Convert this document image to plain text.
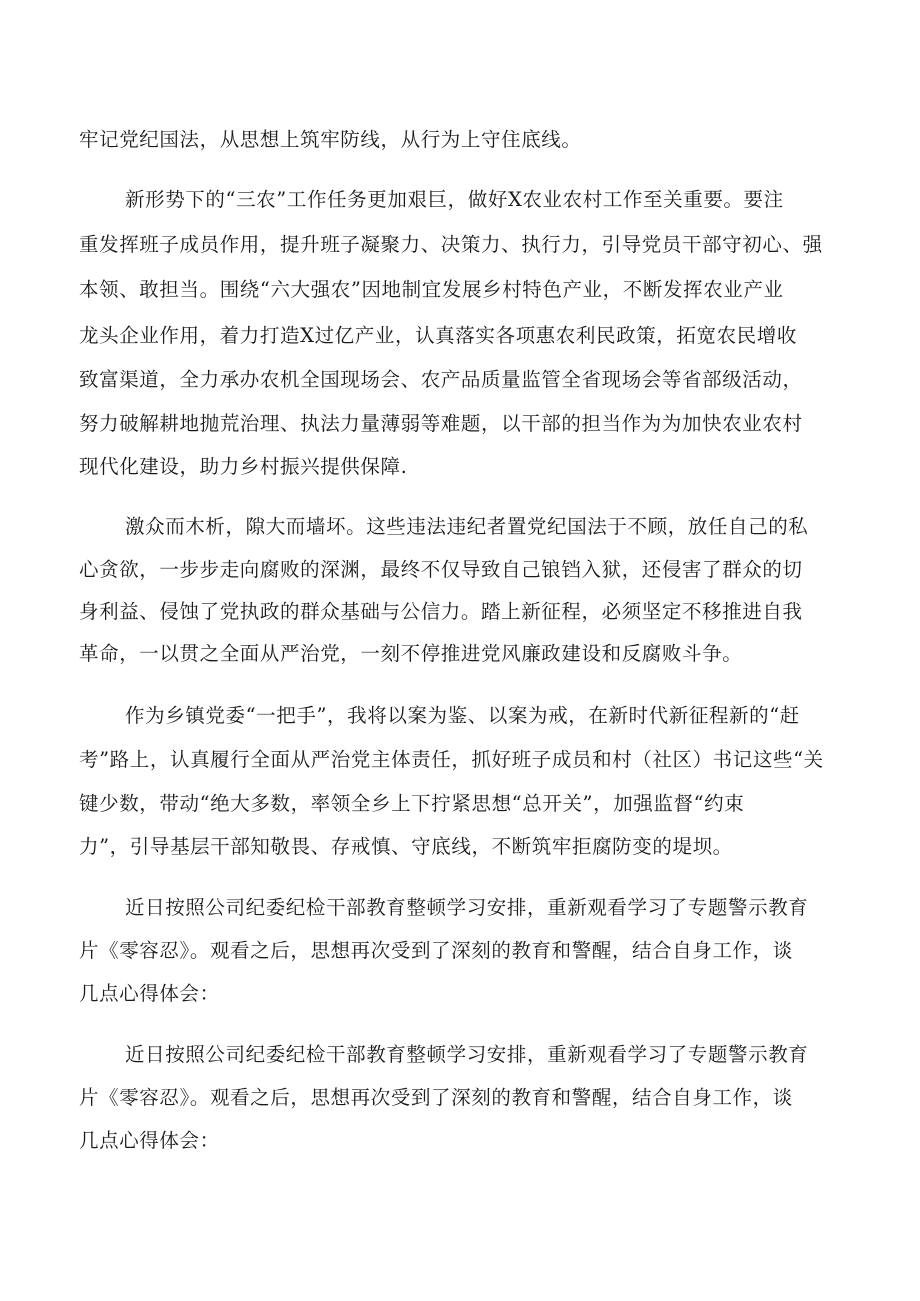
牢记党纪国法，从思想上筑牢防线，从行为上守住底线。
新形势下的“三农”工作任务更加艰巨，做好X农业农村工作至关重要。要注
重发挥班子成员作用，提升班子凝聚力、决策力、执行力，引导党员干部守初心、强
本领、敢担当。围绕“六大强农”因地制宜发展乡村特色产业，不断发挥农业产业
龙头企业作用，着力打造X过亿产业，认真落实各项惠农利民政策，拓宽农民增收
致富渠道，全力承办农机全国现场会、农产品质量监管全省现场会等省部级活动，
努力破解耕地抛荒治理、执法力量薄弱等难题，以干部的担当作为为加快农业农村
现代化建设，助力乡村振兴提供保障.
激众而木析，隙大而墙坏。这些违法违纪者置党纪国法于不顾，放任自己的私
心贪欲，一步步走向腐败的深渊，最终不仅导致自己锒铛入狱，还侵害了群众的切
身利益、侵蚀了党执政的群众基础与公信力。踏上新征程，必须坚定不移推进自我
革命，一以贯之全面从严治党，一刻不停推进党风廉政建设和反腐败斗争。
作为乡镇党委“一把手”，我将以案为鉴、以案为戒，在新时代新征程新的“赶
考”路上，认真履行全面从严治党主体责任，抓好班子成员和村（社区）书记这些“关
键少数，带动“绝大多数，率领全乡上下拧紧思想“总开关”，加强监督“约束
力”，引导基层干部知敬畏、存戒慎、守底线，不断筑牢拒腐防变的堤坝。
近日按照公司纪委纪检干部教育整顿学习安排，重新观看学习了专题警示教育
片《零容忍》。观看之后，思想再次受到了深刻的教育和警醒，结合自身工作，谈
几点心得体会：
近日按照公司纪委纪检干部教育整顿学习安排，重新观看学习了专题警示教育
片《零容忍》。观看之后，思想再次受到了深刻的教育和警醒，结合自身工作，谈
几点心得体会：
